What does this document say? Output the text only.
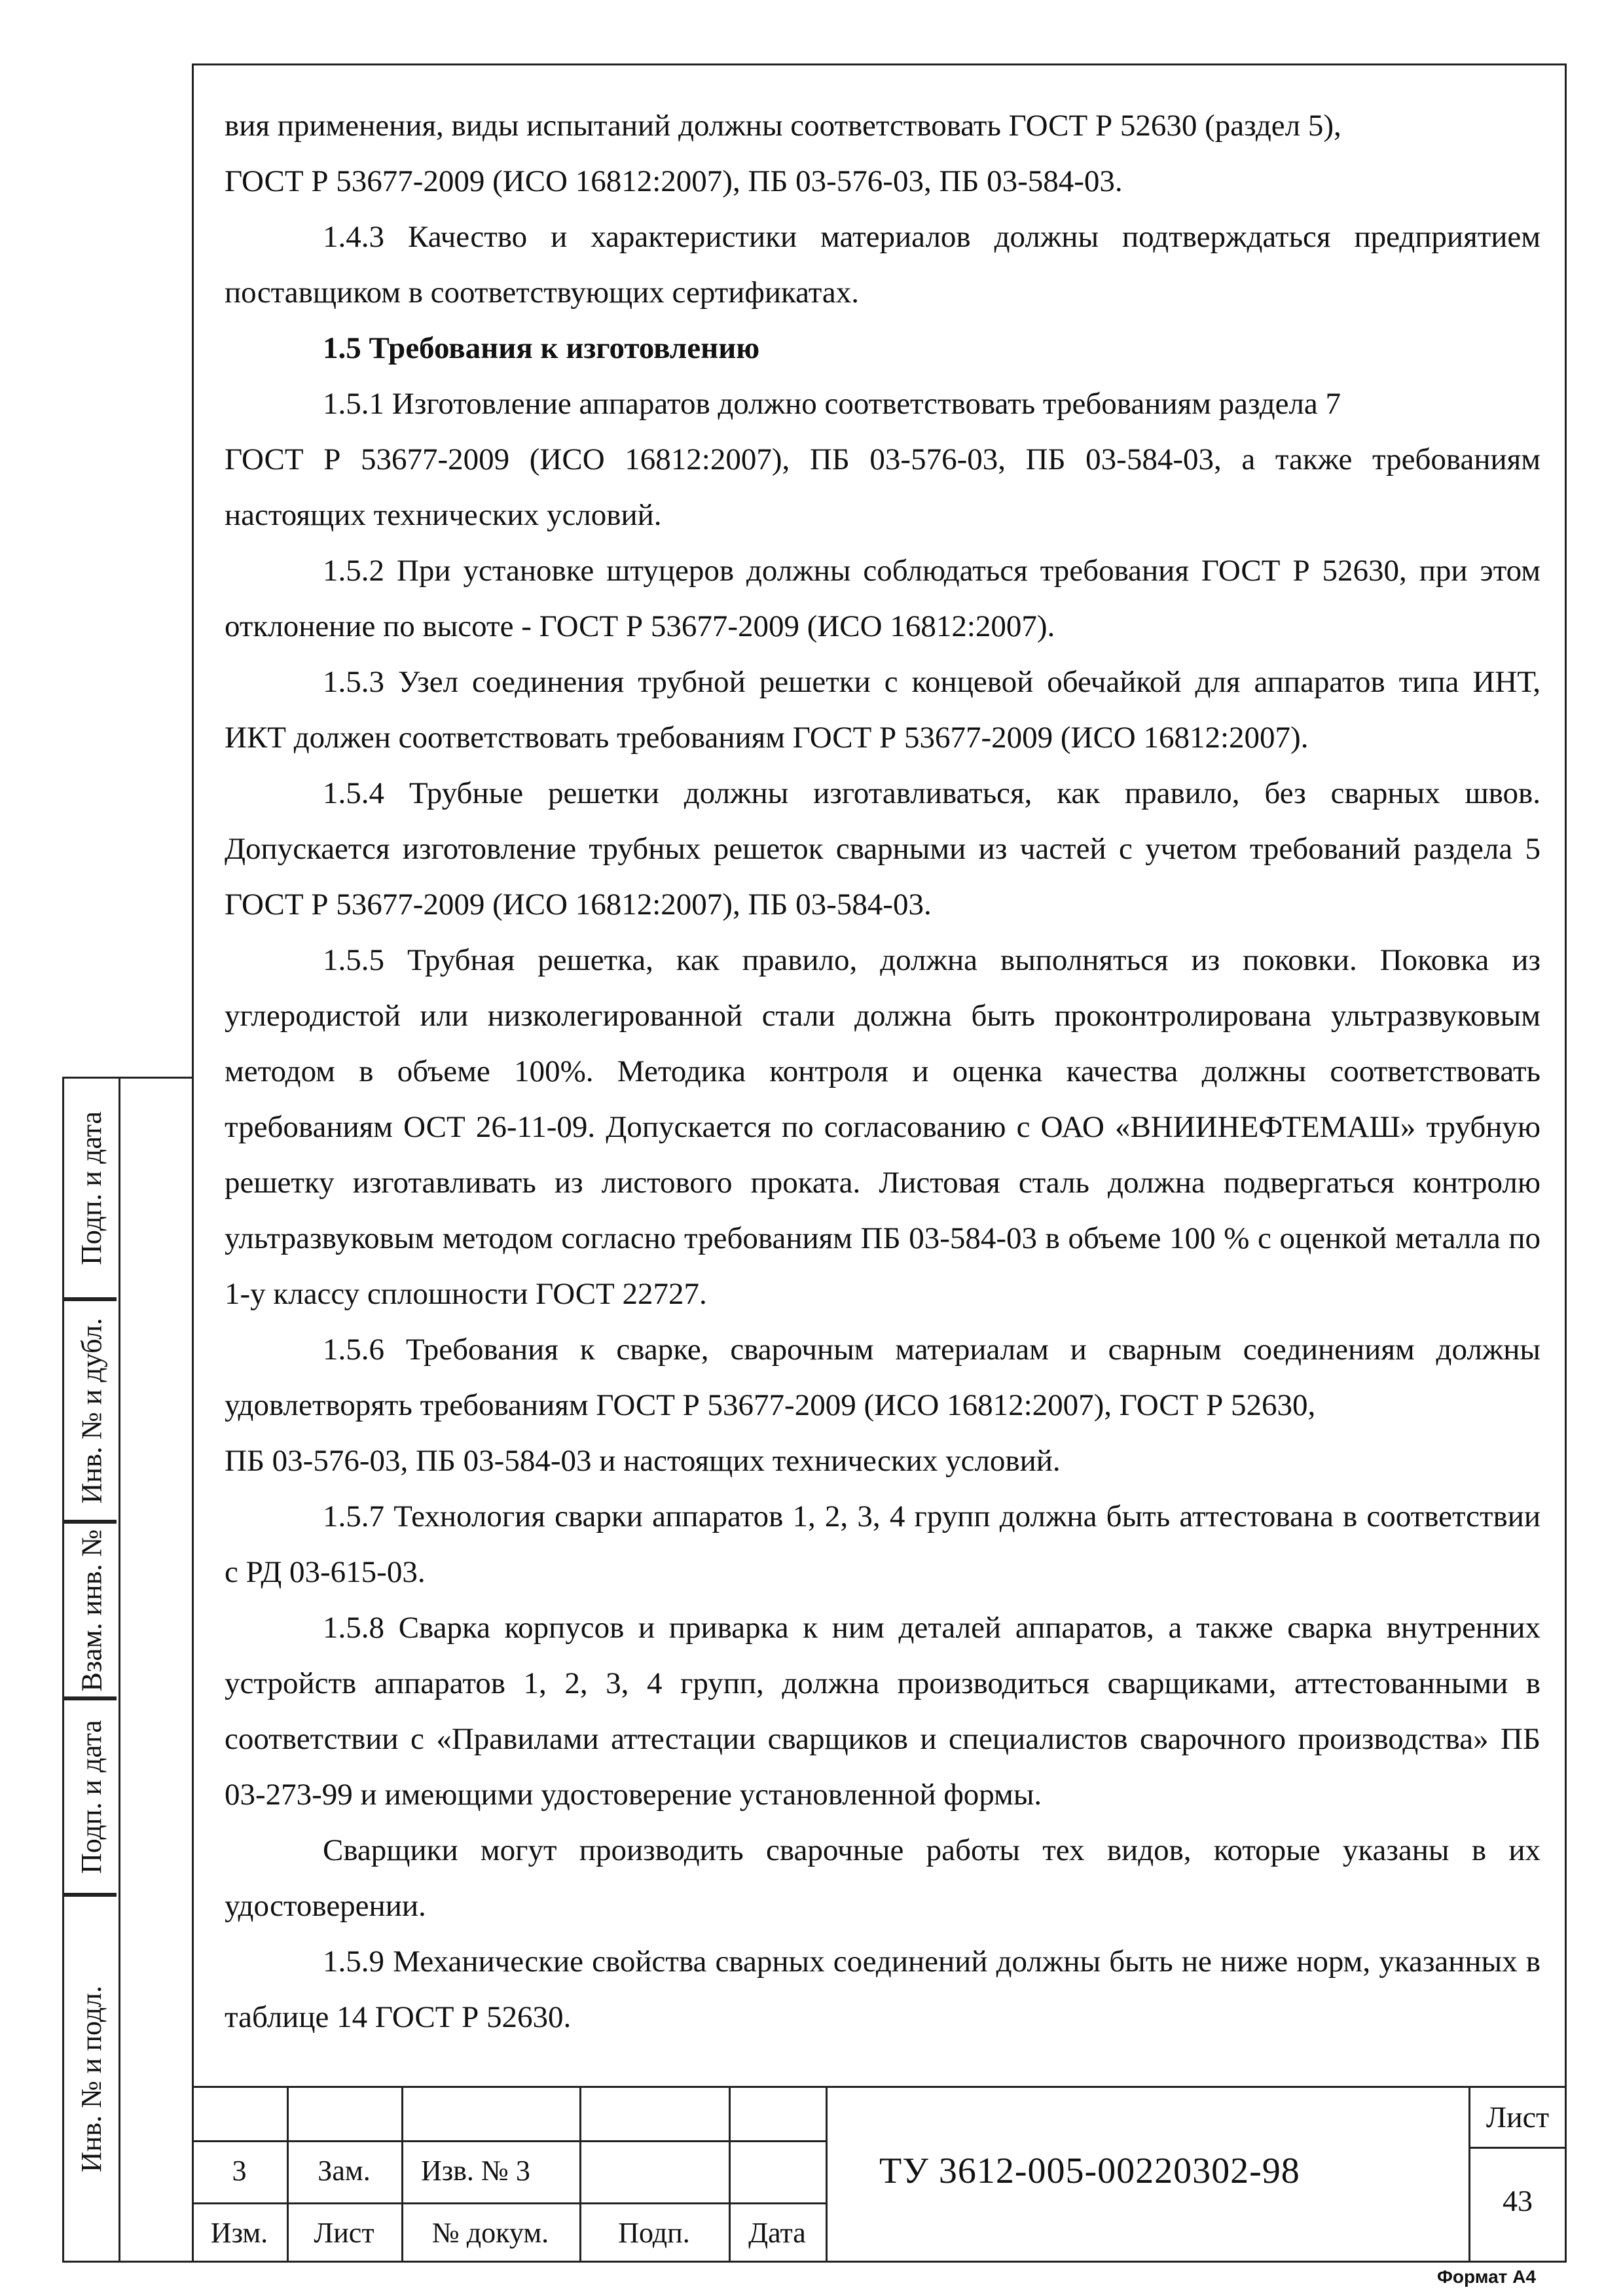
вия применения, виды испытаний должны соответствовать ГОСТ Р 52630 (раздел 5),

ГОСТ Р 53677-2009 (ИСО 16812:2007), ПБ 03-576-03, ПБ 03-584-03.

1.4.3 Качество и характеристики материалов должны подтверждаться предприятием поставщиком в соответствующих сертификатах.

1.5 Требования к изготовлению

1.5.1 Изготовление аппаратов должно соответствовать требованиям раздела 7

ГОСТ Р 53677-2009 (ИСО 16812:2007), ПБ 03-576-03, ПБ 03-584-03, а также требованиям настоящих технических условий.

1.5.2 При установке штуцеров должны соблюдаться требования ГОСТ Р 52630, при этом отклонение по высоте - ГОСТ Р 53677-2009 (ИСО 16812:2007).

1.5.3 Узел соединения трубной решетки с концевой обечайкой для аппаратов типа ИНТ, ИКТ должен соответствовать требованиям ГОСТ Р 53677-2009 (ИСО 16812:2007).

1.5.4 Трубные решетки должны изготавливаться, как правило, без сварных швов. Допускается изготовление трубных решеток сварными из частей с учетом требований раздела 5 ГОСТ Р 53677-2009 (ИСО 16812:2007), ПБ 03-584-03.

1.5.5 Трубная решетка, как правило, должна выполняться из поковки. Поковка из углеродистой или низколегированной стали должна быть проконтролирована ультразвуковым методом в объеме 100%. Методика контроля и оценка качества должны соответствовать требованиям ОСТ 26-11-09. Допускается по согласованию с ОАО «ВНИИНЕФТЕМАШ» трубную решетку изготавливать из листового проката. Листовая сталь должна подвергаться контролю ультразвуковым методом согласно требованиям ПБ 03-584-03 в объеме 100 % с оценкой металла по 1-у классу сплошности ГОСТ 22727.

1.5.6 Требования к сварке, сварочным материалам и сварным соединениям должны удовлетворять требованиям ГОСТ Р 53677-2009 (ИСО 16812:2007), ГОСТ Р 52630,

ПБ 03-576-03, ПБ 03-584-03 и настоящих технических условий.

1.5.7 Технология сварки аппаратов 1, 2, 3, 4 групп должна быть аттестована в соответствии с РД 03-615-03.

1.5.8 Сварка корпусов и приварка к ним деталей аппаратов, а также сварка внутренних устройств аппаратов 1, 2, 3, 4 групп, должна производиться сварщиками, аттестованными в соответствии с «Правилами аттестации сварщиков и специалистов сварочного производства» ПБ 03-273-99 и имеющими удостоверение установленной формы.

Сварщики могут производить сварочные работы тех видов, которые указаны в их удостоверении.

1.5.9 Механические свойства сварных соединений должны быть не ниже норм, указанных в таблице 14 ГОСТ Р 52630.

Подп. и дата
Инв. № и дубл.
Взам. инв. №
Подп. и дата
Инв. № и подл.	3	Зам.	Изв. № 3
Изм.	Лист	№ докум.	Подп.	Дата
ТУ 3612-005-00220302-98
Лист
43
Формат А4
